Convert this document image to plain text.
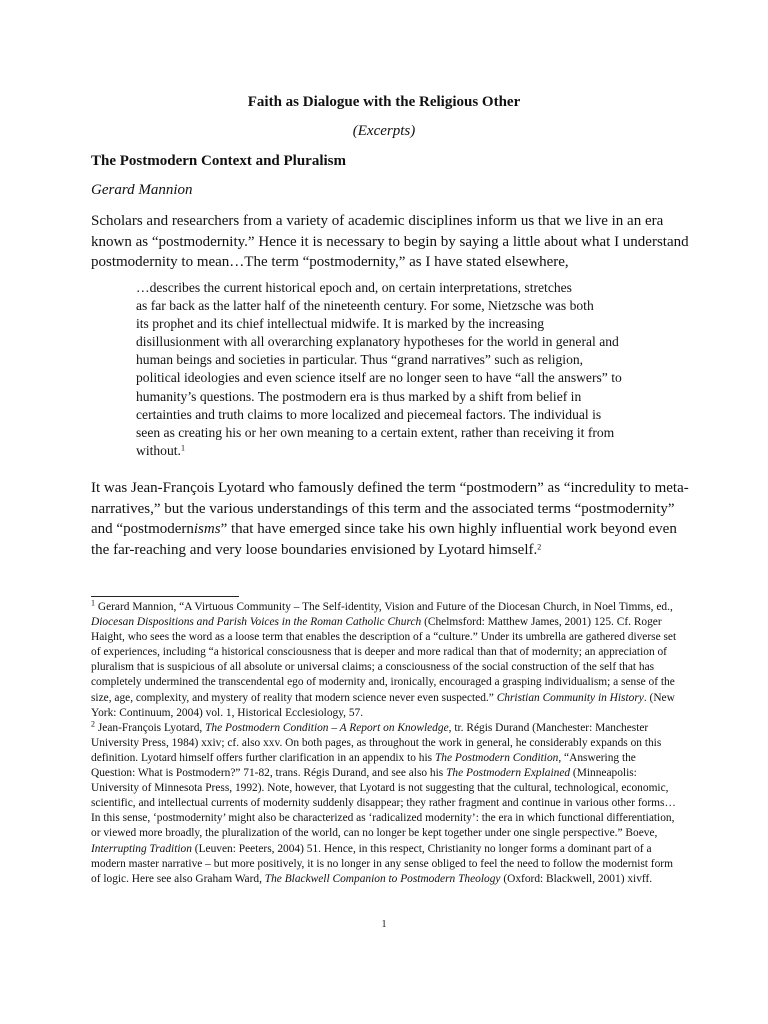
Faith as Dialogue with the Religious Other
(Excerpts)
The Postmodern Context and Pluralism
Gerard Mannion

Scholars and researchers from a variety of academic disciplines inform us that we live in an era known as “postmodernity.” Hence it is necessary to begin by saying a little about what I understand postmodernity to mean…The term “postmodernity,” as I have stated elsewhere,

…describes the current historical epoch and, on certain interpretations, stretches
as far back as the latter half of the nineteenth century. For some, Nietzsche was both
its prophet and its chief intellectual midwife. It is marked by the increasing
disillusionment with all overarching explanatory hypotheses for the world in general and
human beings and societies in particular. Thus “grand narratives” such as religion,
political ideologies and even science itself are no longer seen to have “all the answers” to
humanity’s questions. The postmodern era is thus marked by a shift from belief in
certainties and truth claims to more localized and piecemeal factors. The individual is
seen as creating his or her own meaning to a certain extent, rather than receiving it from
without.$^1$

It was Jean-François Lyotard who famously defined the term “postmodern” as “incredulity to meta-narratives,” but the various understandings of this term and the associated terms “postmodernity” and “postmodernisms” that have emerged since take his own highly influential work beyond even the far-reaching and very loose boundaries envisioned by Lyotard himself.$^2$

$^1$ Gerard Mannion, “A Virtuous Community – The Self-identity, Vision and Future of the Diocesan Church, in Noel Timms, ed., Diocesan Dispositions and Parish Voices in the Roman Catholic Church (Chelmsford: Matthew James, 2001) 125. Cf. Roger Haight, who sees the word as a loose term that enables the description of a “culture.” Under its umbrella are gathered diverse set of experiences, including “a historical consciousness that is deeper and more radical than that of modernity; an appreciation of pluralism that is suspicious of all absolute or universal claims; a consciousness of the social construction of the self that has completely undermined the transcendental ego of modernity and, ironically, encouraged a grasping individualism; a sense of the size, age, complexity, and mystery of reality that modern science never even suspected.” Christian Community in History. (New York: Continuum, 2004) vol. 1, Historical Ecclesiology, 57.

$^2$ Jean-François Lyotard, The Postmodern Condition – A Report on Knowledge, tr. Régis Durand (Manchester: Manchester University Press, 1984) xxiv; cf. also xxv. On both pages, as throughout the work in general, he considerably expands on this definition. Lyotard himself offers further clarification in an appendix to his The Postmodern Condition, “Answering the Question: What is Postmodern?” 71-82, trans. Régis Durand, and see also his The Postmodern Explained (Minneapolis: University of Minnesota Press, 1992). Note, however, that Lyotard is not suggesting that the cultural, technological, economic, scientific, and intellectual currents of modernity suddenly disappear; they rather fragment and continue in various other forms…In this sense, ‘postmodernity’ might also be characterized as ‘radicalized modernity’: the era in which functional differentiation, or viewed more broadly, the pluralization of the world, can no longer be kept together under one single perspective.” Boeve, Interrupting Tradition (Leuven: Peeters, 2004) 51. Hence, in this respect, Christianity no longer forms a dominant part of a modern master narrative – but more positively, it is no longer in any sense obliged to feel the need to follow the modernist form of logic. Here see also Graham Ward, The Blackwell Companion to Postmodern Theology (Oxford: Blackwell, 2001) xivff.

1
